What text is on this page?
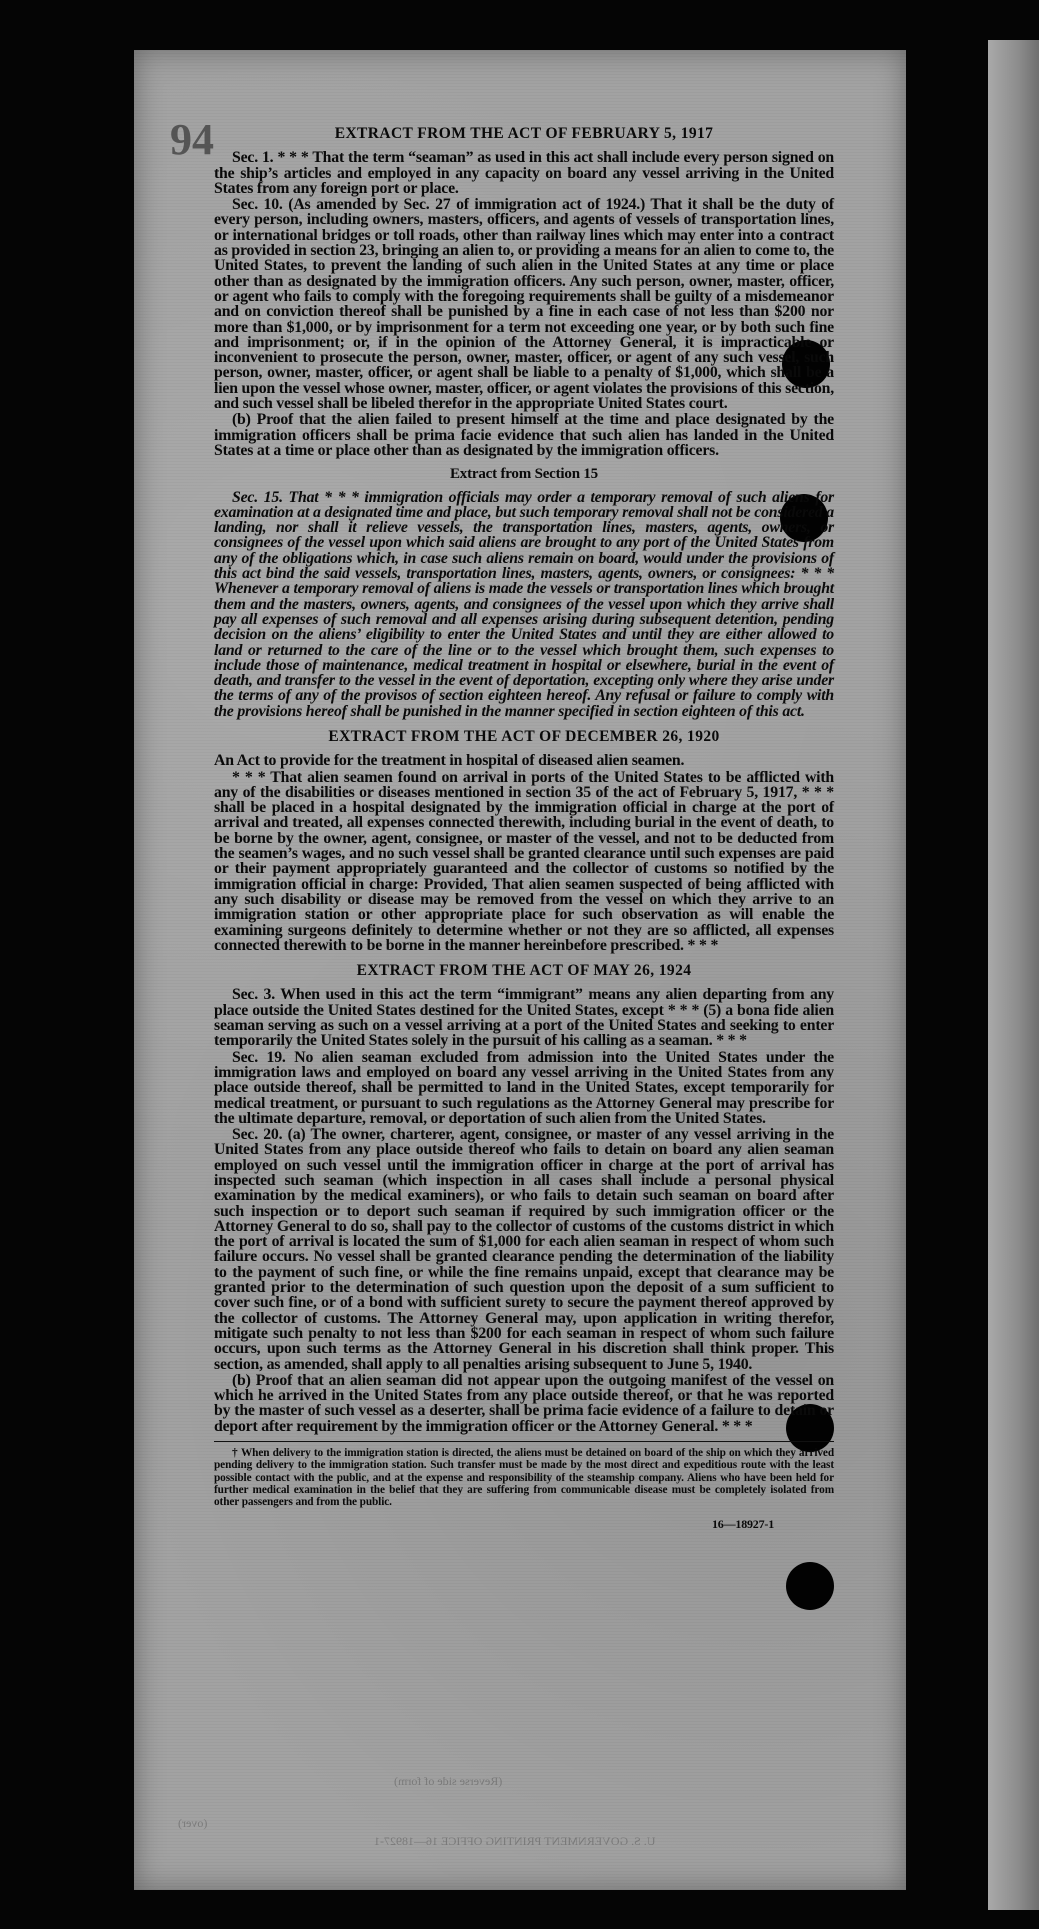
94	EXTRACT FROM THE ACT OF FEBRUARY 5, 1917

Sec. 1. * * * That the term “seaman” as used in this act shall include every person signed on the ship’s articles and employed in any capacity on board any vessel arriving in the United States from any foreign port or place.

Sec. 10. (As amended by Sec. 27 of immigration act of 1924.) That it shall be the duty of every person, including owners, masters, officers, and agents of vessels of transportation lines, or international bridges or toll roads, other than railway lines which may enter into a contract as provided in section 23, bringing an alien to, or providing a means for an alien to come to, the United States, to prevent the landing of such alien in the United States at any time or place other than as designated by the immigration officers. Any such person, owner, master, officer, or agent who fails to comply with the foregoing requirements shall be guilty of a misdemeanor and on conviction thereof shall be punished by a fine in each case of not less than $200 nor more than $1,000, or by imprisonment for a term not exceeding one year, or by both such fine and imprisonment; or, if in the opinion of the Attorney General, it is impracticable or inconvenient to prosecute the person, owner, master, officer, or agent of any such vessel, such person, owner, master, officer, or agent shall be liable to a penalty of $1,000, which shall be a lien upon the vessel whose owner, master, officer, or agent violates the provisions of this section, and such vessel shall be libeled therefor in the appropriate United States court.

(b) Proof that the alien failed to present himself at the time and place designated by the immigration officers shall be prima facie evidence that such alien has landed in the United States at a time or place other than as designated by the immigration officers.

Extract from Section 15

Sec. 15. That * * * immigration officials may order a temporary removal of such aliens for examination at a designated time and place, but such temporary removal shall not be considered a landing, nor shall it relieve vessels, the transportation lines, masters, agents, owners, or consignees of the vessel upon which said aliens are brought to any port of the United States from any of the obligations which, in case such aliens remain on board, would under the provisions of this act bind the said vessels, transportation lines, masters, agents, owners, or consignees: * * * Whenever a temporary removal of aliens is made the vessels or transportation lines which brought them and the masters, owners, agents, and consignees of the vessel upon which they arrive shall pay all expenses of such removal and all expenses arising during subsequent detention, pending decision on the aliens’ eligibility to enter the United States and until they are either allowed to land or returned to the care of the line or to the vessel which brought them, such expenses to include those of maintenance, medical treatment in hospital or elsewhere, burial in the event of death, and transfer to the vessel in the event of deportation, excepting only where they arise under the terms of any of the provisos of section eighteen hereof. Any refusal or failure to comply with the provisions hereof shall be punished in the manner specified in section eighteen of this act.

EXTRACT FROM THE ACT OF DECEMBER 26, 1920

An Act to provide for the treatment in hospital of diseased alien seamen.

* * * That alien seamen found on arrival in ports of the United States to be afflicted with any of the disabilities or diseases mentioned in section 35 of the act of February 5, 1917, * * * shall be placed in a hospital designated by the immigration official in charge at the port of arrival and treated, all expenses connected therewith, including burial in the event of death, to be borne by the owner, agent, consignee, or master of the vessel, and not to be deducted from the seamen’s wages, and no such vessel shall be granted clearance until such expenses are paid or their payment appropriately guaranteed and the collector of customs so notified by the immigration official in charge: Provided, That alien seamen suspected of being afflicted with any such disability or disease may be removed from the vessel on which they arrive to an immigration station or other appropriate place for such observation as will enable the examining surgeons definitely to determine whether or not they are so afflicted, all expenses connected therewith to be borne in the manner hereinbefore prescribed. * * *

EXTRACT FROM THE ACT OF MAY 26, 1924

Sec. 3. When used in this act the term “immigrant” means any alien departing from any place outside the United States destined for the United States, except * * * (5) a bona fide alien seaman serving as such on a vessel arriving at a port of the United States and seeking to enter temporarily the United States solely in the pursuit of his calling as a seaman. * * *

Sec. 19. No alien seaman excluded from admission into the United States under the immigration laws and employed on board any vessel arriving in the United States from any place outside thereof, shall be permitted to land in the United States, except temporarily for medical treatment, or pursuant to such regulations as the Attorney General may prescribe for the ultimate departure, removal, or deportation of such alien from the United States.

Sec. 20. (a) The owner, charterer, agent, consignee, or master of any vessel arriving in the United States from any place outside thereof who fails to detain on board any alien seaman employed on such vessel until the immigration officer in charge at the port of arrival has inspected such seaman (which inspection in all cases shall include a personal physical examination by the medical examiners), or who fails to detain such seaman on board after such inspection or to deport such seaman if required by such immigration officer or the Attorney General to do so, shall pay to the collector of customs of the customs district in which the port of arrival is located the sum of $1,000 for each alien seaman in respect of whom such failure occurs. No vessel shall be granted clearance pending the determination of the liability to the payment of such fine, or while the fine remains unpaid, except that clearance may be granted prior to the determination of such question upon the deposit of a sum sufficient to cover such fine, or of a bond with sufficient surety to secure the payment thereof approved by the collector of customs. The Attorney General may, upon application in writing therefor, mitigate such penalty to not less than $200 for each seaman in respect of whom such failure occurs, upon such terms as the Attorney General in his discretion shall think proper. This section, as amended, shall apply to all penalties arising subsequent to June 5, 1940.

(b) Proof that an alien seaman did not appear upon the outgoing manifest of the vessel on which he arrived in the United States from any place outside thereof, or that he was reported by the master of such vessel as a deserter, shall be prima facie evidence of a failure to detain or deport after requirement by the immigration officer or the Attorney General. * * *

† When delivery to the immigration station is directed, the aliens must be detained on board of the ship on which they arrived pending delivery to the immigration station. Such transfer must be made by the most direct and expeditious route with the least possible contact with the public, and at the expense and responsibility of the steamship company. Aliens who have been held for further medical examination in the belief that they are suffering from communicable disease must be completely isolated from other passengers and from the public.

16—18927-1
(Reverse side of form)
(over)
U. S. GOVERNMENT PRINTING OFFICE 16—18927-1
